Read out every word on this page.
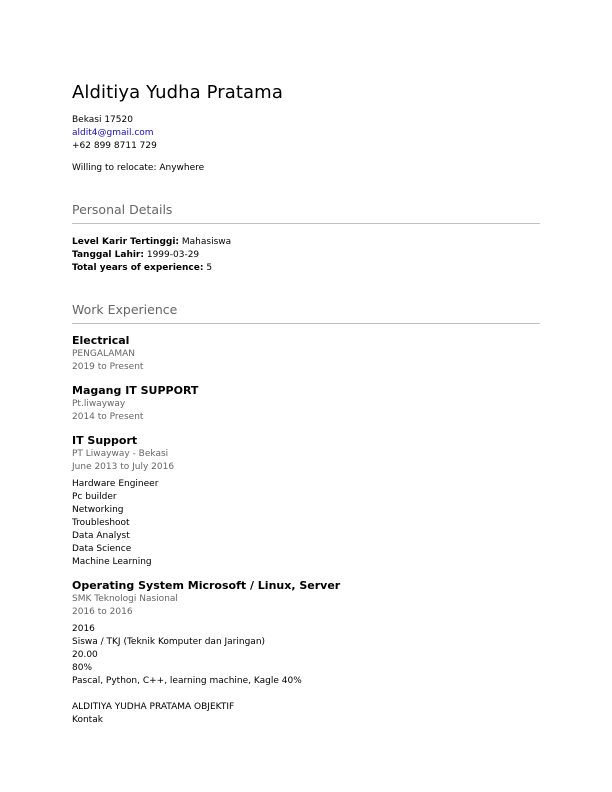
Alditiya Yudha Pratama
Bekasi 17520
aldit4@gmail.com
+62 899 8711 729
Willing to relocate: Anywhere
Personal Details
Level Karir Tertinggi: Mahasiswa
Tanggal Lahir: 1999-03-29
Total years of experience: 5
Work Experience
Electrical
PENGALAMAN
2019 to Present
Magang IT SUPPORT
Pt.liwayway
2014 to Present
IT Support
PT Liwayway - Bekasi
June 2013 to July 2016
Hardware Engineer
Pc builder
Networking
Troubleshoot
Data Analyst
Data Science
Machine Learning
Operating System Microsoft / Linux, Server
SMK Teknologi Nasional
2016 to 2016
2016
Siswa / TKJ (Teknik Komputer dan Jaringan)
20.00
80%
Pascal, Python, C++, learning machine, Kagle 40%
ALDITIYA YUDHA PRATAMA OBJEKTIF
Kontak
